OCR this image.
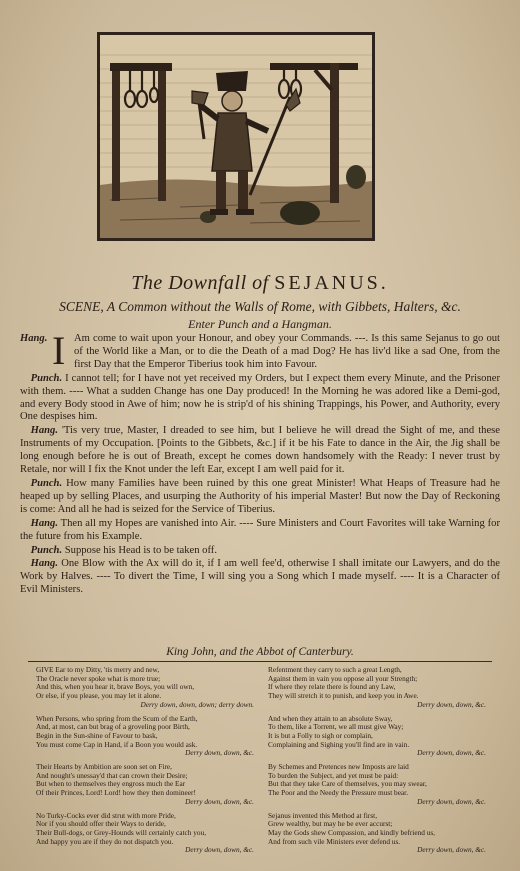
The Downfall of SEJANUS.
SCENE, A Common without the Walls of Rome, with Gibbets, Halters, &c.
Enter Punch and a Hangman.

Hang. I Am come to wait upon your Honour, and obey your Commands. ---. Is this same Sejanus to go out of the World like a Man, or to die the Death of a mad Dog? He has liv'd like a sad One, from the first Day that the Emperor Tiberius took him into Favour.

 Punch. I cannot tell; for I have not yet received my Orders, but I expect them every Minute, and the Prisoner with them. ---- What a sudden Change has one Day produced! In the Morning he was adored like a Demi-god, and every Body stood in Awe of him; now he is strip'd of his shining Trappings, his Power, and Authority, every One despises him.

 Hang. 'Tis very true, Master, I dreaded to see him, but I believe he will dread the Sight of me, and these Instruments of my Occupation. [Points to the Gibbets, &c.] if it be his Fate to dance in the Air, the Jig shall be long enough before he is out of Breath, except he comes down handsomely with the Ready: I never trust by Retale, nor will I fix the Knot under the left Ear, except I am well paid for it.

 Punch. How many Families have been ruined by this one great Minister! What Heaps of Treasure had he heaped up by selling Places, and usurping the Authority of his imperial Master! But now the Day of Reckoning is come: And all he had is seized for the Service of Tiberius.

 Hang. Then all my Hopes are vanished into Air. ---- Sure Ministers and Court Favorites will take Warning for the future from his Example.

 Punch. Suppose his Head is to be taken off.

 Hang. One Blow with the Ax will do it, if I am well fee'd, otherwise I shall imitate our Lawyers, and do the Work by Halves. ---- To divert the Time, I will sing you a Song which I made myself. ---- It is a Character of Evil Ministers.

King John, and the Abbot of Canterbury.
GIVE Ear to my Ditty, 'tis merry and new,
The Oracle never spoke what is more true;
And this, when you hear it, brave Boys, you will own,
Or else, if you please, you may let it alone.
Derry down, down, down; derry down.
When Persons, who spring from the Scum of the Earth,
And, at most, can but brag of a groveling poor Birth,
Begin in the Sun-shine of Favour to bask,
You must come Cap in Hand, if a Boon you would ask.
Derry down, down, &c.
Their Hearts by Ambition are soon set on Fire,
And nought's unessay'd that can crown their Desire;
But when to themselves they engross much the Ear
Of their Princes, Lord! Lord! how they then domineer!
Derry down, down, &c.
No Turky-Cocks ever did strut with more Pride,
Nor if you should offer their Ways to deride,
Their Bull-dogs, or Grey-Hounds will certainly catch you,
And happy you are if they do not dispatch you.
Derry down, down, &c.
Refentment they carry to such a great Length,
Against them in vain you oppose all your Strength;
If where they relate there is found any Law,
They will stretch it to punish, and keep you in Awe.
Derry down, down, &c.
And when they attain to an absolute Sway,
To them, like a Torrent, we all must give Way;
It is but a Folly to sigh or complain,
Complaining and Sighing you'll find are in vain.
Derry down, down, &c.
By Schemes and Pretences new Imposts are laid
To burden the Subject, and yet must be paid:
But that they take Care of themselves, you may swear,
The Poor and the Needy the Pressure must bear.
Derry down, down, &c.
Sejanus invented this Method at first,
Grew wealthy, but may he be ever accurst;
May the Gods shew Compassion, and kindly befriend us,
And from such vile Ministers ever defend us.
Derry down, down, &c.
